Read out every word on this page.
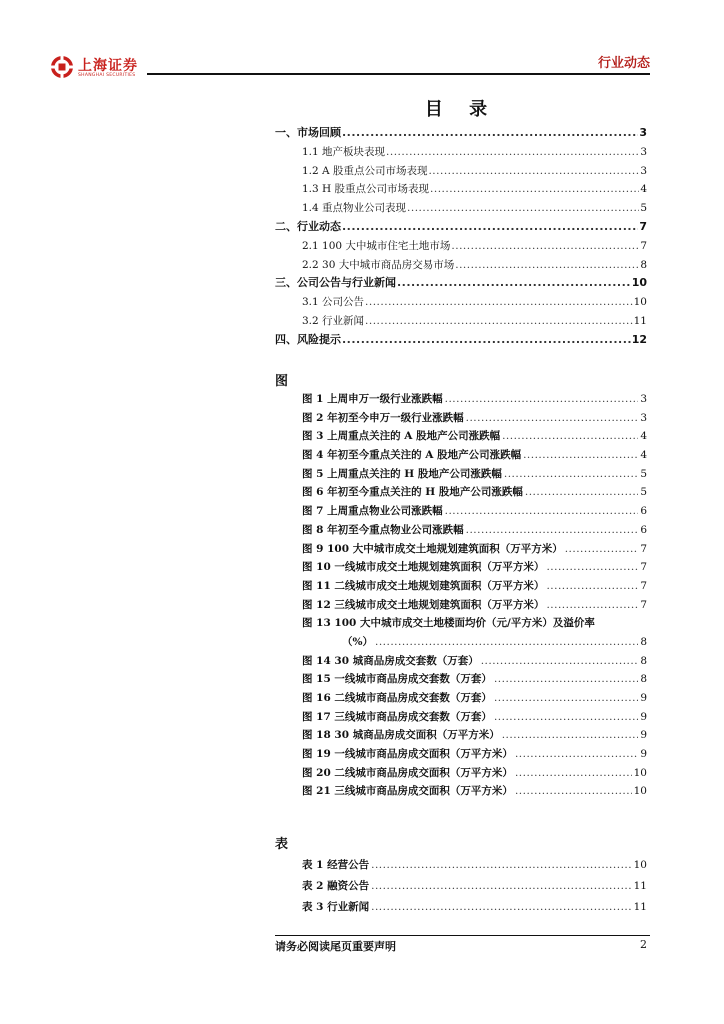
上海证券
SHANGHAI SECURITIES
行业动态
目 录
一、市场回顾 .....	3
1.1 地产板块表现 .....	3
1.2 A 股重点公司市场表现 .....	3
1.3 H 股重点公司市场表现 .....	4
1.4 重点物业公司表现 .....	5
二、行业动态 .....	7
2.1 100 大中城市住宅土地市场 .....	7
2.2 30 大中城市商品房交易市场 .....	8
三、公司公告与行业新闻 .....	10
3.1 公司公告 .....	10
3.2 行业新闻 .....	11
四、风险提示 .....	12
图
图 1 上周申万一级行业涨跌幅 .....	3
图 2 年初至今申万一级行业涨跌幅 .....	3
图 3 上周重点关注的 A 股地产公司涨跌幅 .....	4
图 4 年初至今重点关注的 A 股地产公司涨跌幅 .....	4
图 5 上周重点关注的 H 股地产公司涨跌幅 .....	5
图 6 年初至今重点关注的 H 股地产公司涨跌幅 .....	5
图 7 上周重点物业公司涨跌幅 .....	6
图 8 年初至今重点物业公司涨跌幅 .....	6
图 9 100 大中城市成交土地规划建筑面积（万平方米） .....	7
图 10 一线城市成交土地规划建筑面积（万平方米） .....	7
图 11 二线城市成交土地规划建筑面积（万平方米） .....	7
图 12 三线城市成交土地规划建筑面积（万平方米） .....	7
图 13 100 大中城市成交土地楼面均价（元/平方米）及溢价率
（%） .....	8
图 14 30 城商品房成交套数（万套） .....	8
图 15 一线城市商品房成交套数（万套） .....	8
图 16 二线城市商品房成交套数（万套） .....	9
图 17 三线城市商品房成交套数（万套） .....	9
图 18 30 城商品房成交面积（万平方米） .....	9
图 19 一线城市商品房成交面积（万平方米） .....	9
图 20 二线城市商品房成交面积（万平方米） .....	10
图 21 三线城市商品房成交面积（万平方米） .....	10
表
表 1 经营公告 .....	10
表 2 融资公告 .....	11
表 3 行业新闻 .....	11
请务必阅读尾页重要声明	2
